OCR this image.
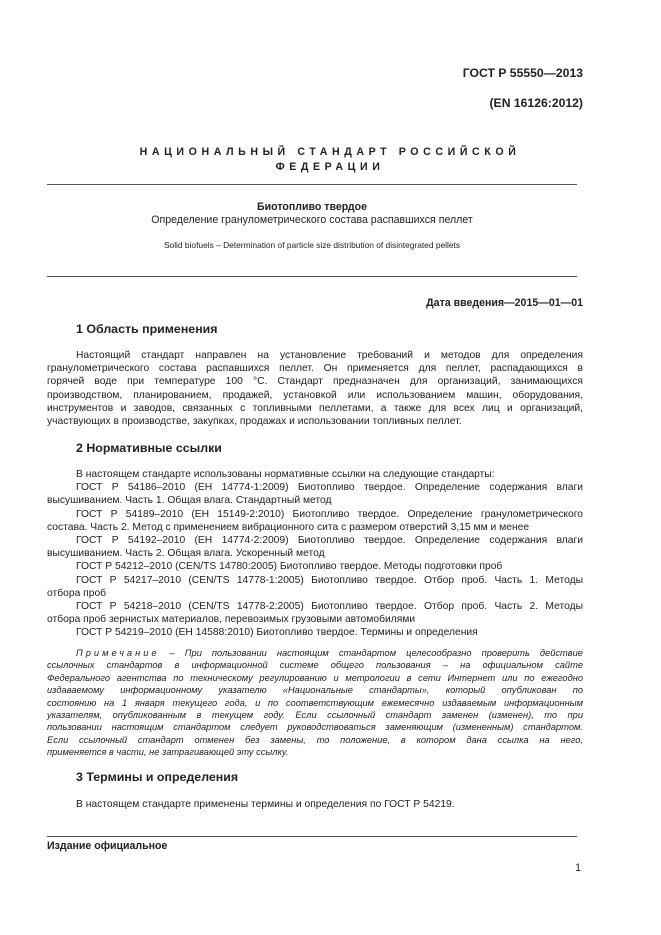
ГОСТ Р 55550—2013
(EN 16126:2012)
НАЦИОНАЛЬНЫЙ СТАНДАРТ РОССИЙСКОЙ
ФЕДЕРАЦИИ
Биотопливо твердое
Определение гранулометрического состава распавшихся пеллет
Solid biofuels – Determination of particle size distribution of disintegrated pellets
Дата введения—2015—01—01
1 Область применения
Настоящий стандарт направлен на установление требований и методов для определения
гранулометрического состава распавшихся пеллет. Он применяется для пеллет, распадающихся в
горячей воде при температуре 100 °С. Стандарт предназначен для организаций, занимающихся
производством, планированием, продажей, установкой или использованием машин, оборудования,
инструментов и заводов, связанных с топливными пеллетами, а также для всех лиц и организаций,
участвующих в производстве, закупках, продажах и использовании топливных пеллет.
2 Нормативные ссылки
В настоящем стандарте использованы нормативные ссылки на следующие стандарты:
ГОСТ Р 54186–2010 (ЕН 14774-1:2009) Биотопливо твердое. Определение содержания влаги
высушиванием. Часть 1. Общая влага. Стандартный метод
ГОСТ Р 54189–2010 (ЕН 15149-2:2010) Биотопливо твердое. Определение гранулометрического
состава. Часть 2. Метод с применением вибрационного сита с размером отверстий 3,15 мм и менее
ГОСТ Р 54192–2010 (ЕН 14774-2:2009) Биотопливо твердое. Определение содержания влаги
высушиванием. Часть 2. Общая влага. Ускоренный метод
ГОСТ Р 54212–2010 (CEN/TS 14780:2005) Биотопливо твердое. Методы подготовки проб
ГОСТ Р 54217–2010 (CEN/TS 14778-1:2005) Биотопливо твердое. Отбор проб. Часть 1. Методы
отбора проб
ГОСТ Р 54218–2010 (CEN/TS 14778-2:2005) Биотопливо твердое. Отбор проб. Часть 2. Методы
отбора проб зернистых материалов, перевозимых грузовыми автомобилями
ГОСТ Р 54219–2010 (ЕН 14588:2010) Биотопливо твердое. Термины и определения
Примечание – При пользовании настоящим стандартом целесообразно проверить действие
ссылочных стандартов в информационной системе общего пользования – на официальном сайте
Федерального агентства по техническому регулированию и метрологии в сети Интернет или по ежегодно
издаваемому информационному указателю «Национальные стандарты», который опубликован по
состоянию на 1 января текущего года, и по соответствующим ежемесячно издаваемым информационным
указателям, опубликованным в текущем году. Если ссылочный стандарт заменен (изменен), то при
пользовании настоящим стандартом следует руководствоваться заменяющим (измененным) стандартом.
Если ссылочный стандарт отменен без замены, то положение, в котором дана ссылка на него,
применяется в части, не затрагивающей эту ссылку.
3 Термины и определения
В настоящем стандарте применены термины и определения по ГОСТ Р 54219.
Издание официальное
1
